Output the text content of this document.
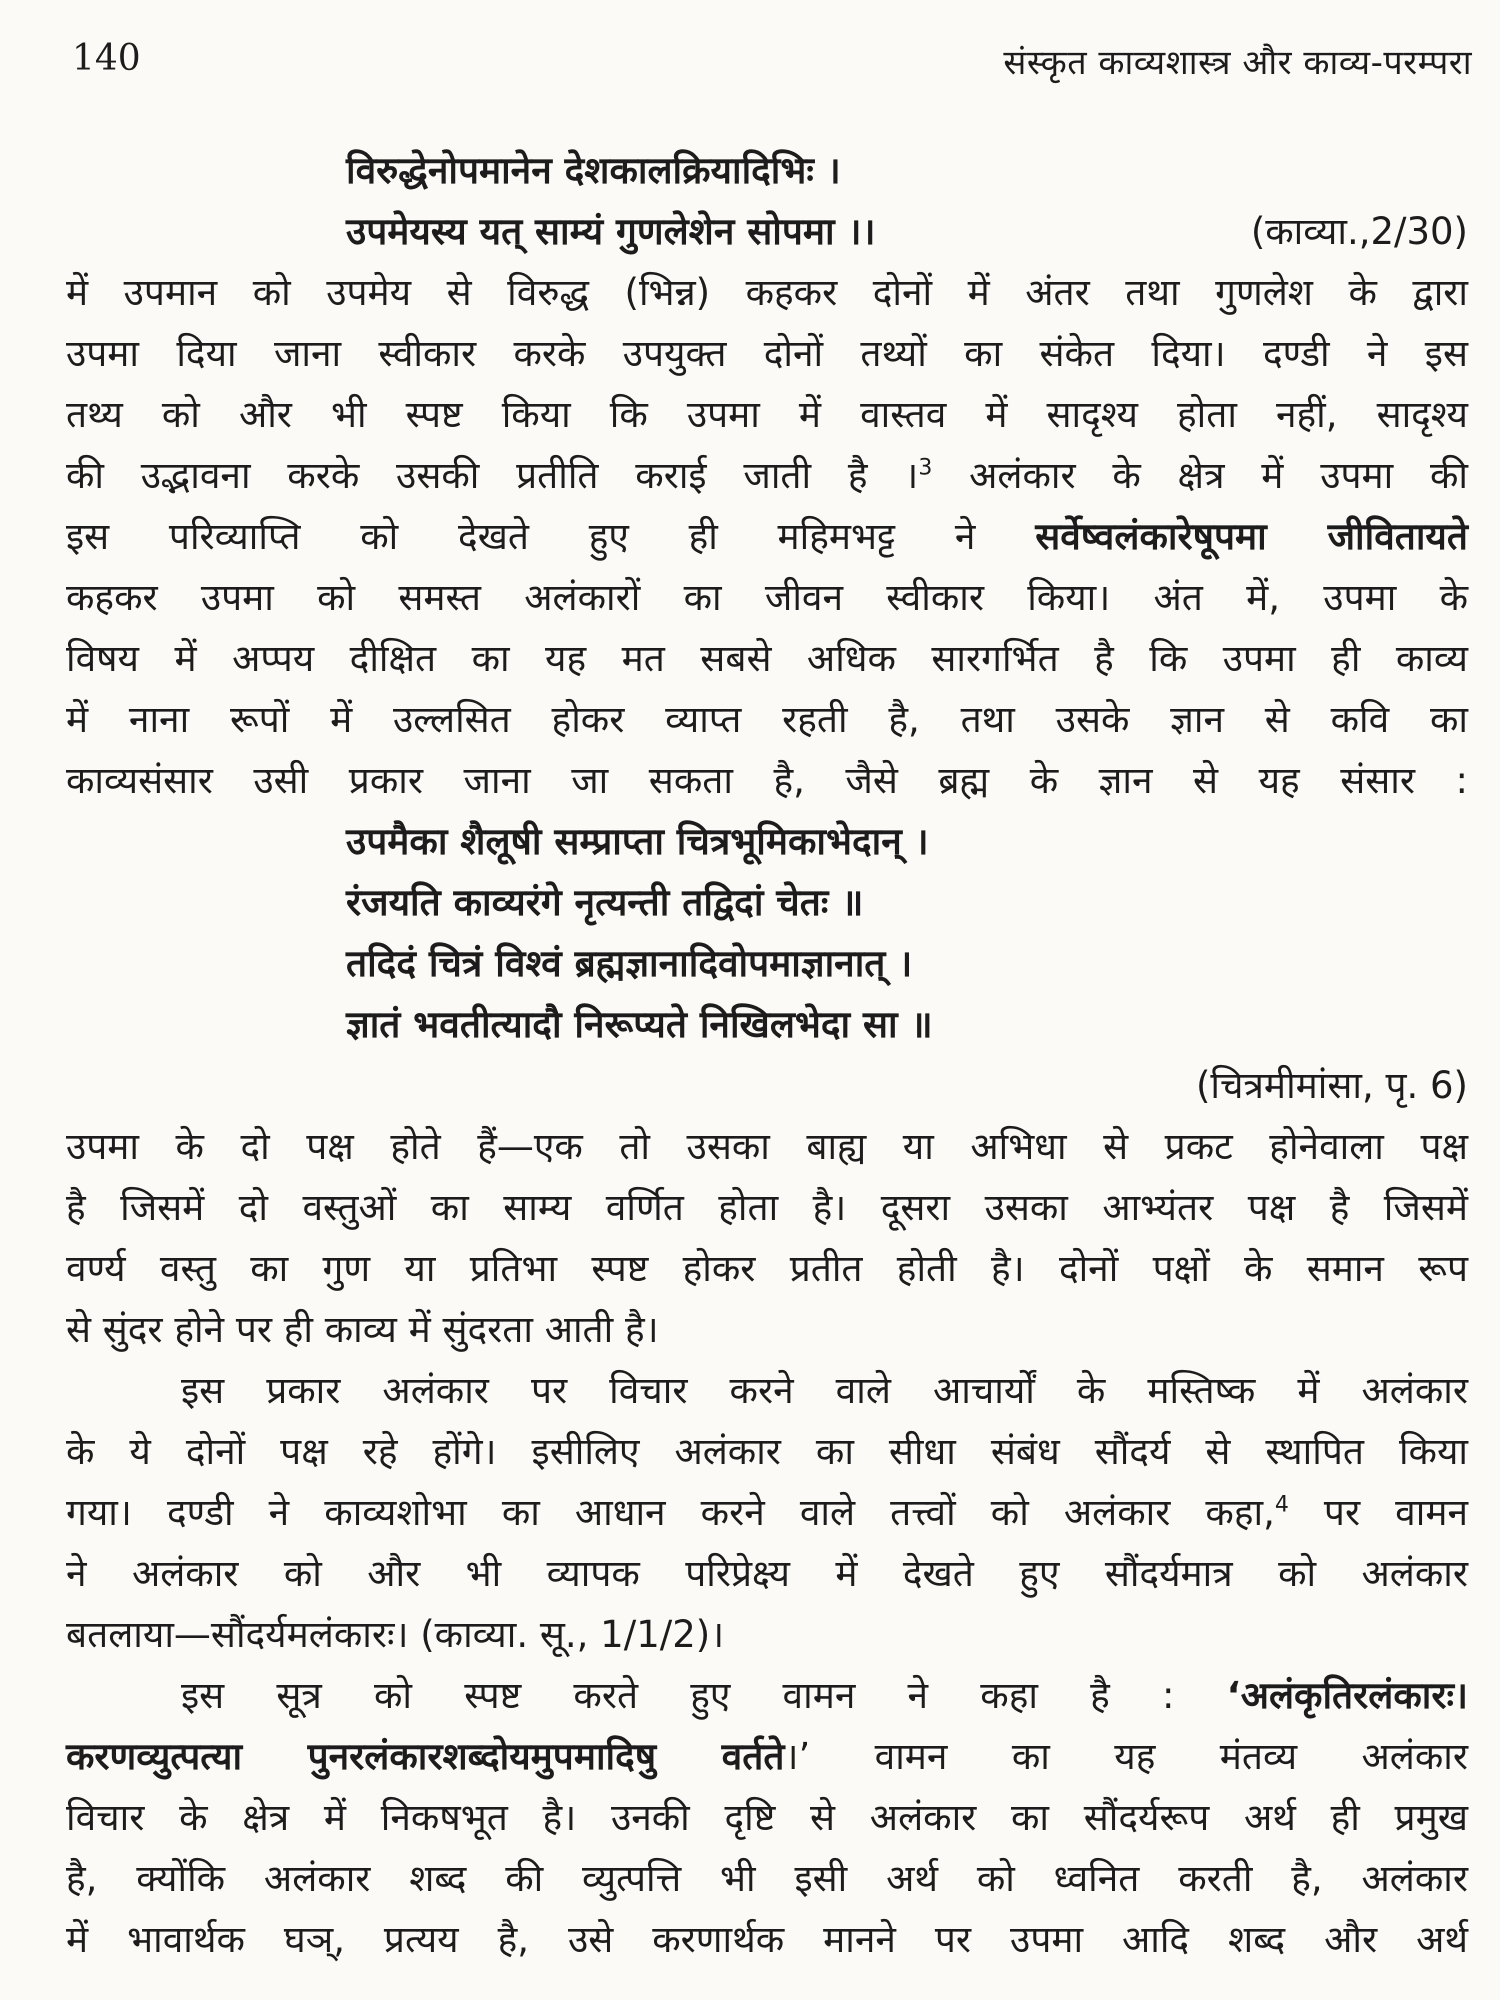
140	संस्कृत काव्यशास्त्र और काव्य-परम्परा
विरुद्धेनोपमानेन देशकालक्रियादिभिः ।
उपमेयस्य यत् साम्यं गुणलेशेन सोपमा ।।	(काव्या.,2/30)
में उपमान को उपमेय से विरुद्ध (भिन्न) कहकर दोनों में अंतर तथा गुणलेश के द्वारा
उपमा दिया जाना स्वीकार करके उपयुक्त दोनों तथ्यों का संकेत दिया। दण्डी ने इस
तथ्य को और भी स्पष्ट किया कि उपमा में वास्तव में सादृश्य होता नहीं, सादृश्य
की उद्भावना करके उसकी प्रतीति कराई जाती है ।$^3$ अलंकार के क्षेत्र में उपमा की
इस परिव्याप्ति को देखते हुए ही महिमभट्ट ने सर्वेष्वलंकारेषूपमा जीवितायते
कहकर उपमा को समस्त अलंकारों का जीवन स्वीकार किया। अंत में, उपमा के
विषय में अप्पय दीक्षित का यह मत सबसे अधिक सारगर्भित है कि उपमा ही काव्य
में नाना रूपों में उल्लसित होकर व्याप्त रहती है, तथा उसके ज्ञान से कवि का
काव्यसंसार उसी प्रकार जाना जा सकता है, जैसे ब्रह्म के ज्ञान से यह संसार :
उपमैका शैलूषी सम्प्राप्ता चित्रभूमिकाभेदान् ।
रंजयति काव्यरंगे नृत्यन्ती तद्विदां चेतः ॥
तदिदं चित्रं विश्वं ब्रह्मज्ञानादिवोपमाज्ञानात् ।
ज्ञातं भवतीत्यादौ निरूप्यते निखिलभेदा सा ॥
(चित्रमीमांसा, पृ. 6)
उपमा के दो पक्ष होते हैं—एक तो उसका बाह्य या अभिधा से प्रकट होनेवाला पक्ष
है जिसमें दो वस्तुओं का साम्य वर्णित होता है। दूसरा उसका आभ्यंतर पक्ष है जिसमें
वर्ण्य वस्तु का गुण या प्रतिभा स्पष्ट होकर प्रतीत होती है। दोनों पक्षों के समान रूप
से सुंदर होने पर ही काव्य में सुंदरता आती है।
इस प्रकार अलंकार पर विचार करने वाले आचार्यों के मस्तिष्क में अलंकार
के ये दोनों पक्ष रहे होंगे। इसीलिए अलंकार का सीधा संबंध सौंदर्य से स्थापित किया
गया। दण्डी ने काव्यशोभा का आधान करने वाले तत्त्वों को अलंकार कहा,$^4$ पर वामन
ने अलंकार को और भी व्यापक परिप्रेक्ष्य में देखते हुए सौंदर्यमात्र को अलंकार
बतलाया—सौंदर्यमलंकारः। (काव्या. सू., 1/1/2)।
इस सूत्र को स्पष्ट करते हुए वामन ने कहा है : ‘अलंकृतिरलंकारः।
करणव्युत्पत्या पुनरलंकारशब्दोयमुपमादिषु वर्तते।’ वामन का यह मंतव्य अलंकार
विचार के क्षेत्र में निकषभूत है। उनकी दृष्टि से अलंकार का सौंदर्यरूप अर्थ ही प्रमुख
है, क्योंकि अलंकार शब्द की व्युत्पत्ति भी इसी अर्थ को ध्वनित करती है, अलंकार
में भावार्थक घञ्, प्रत्यय है, उसे करणार्थक मानने पर उपमा आदि शब्द और अर्थ
